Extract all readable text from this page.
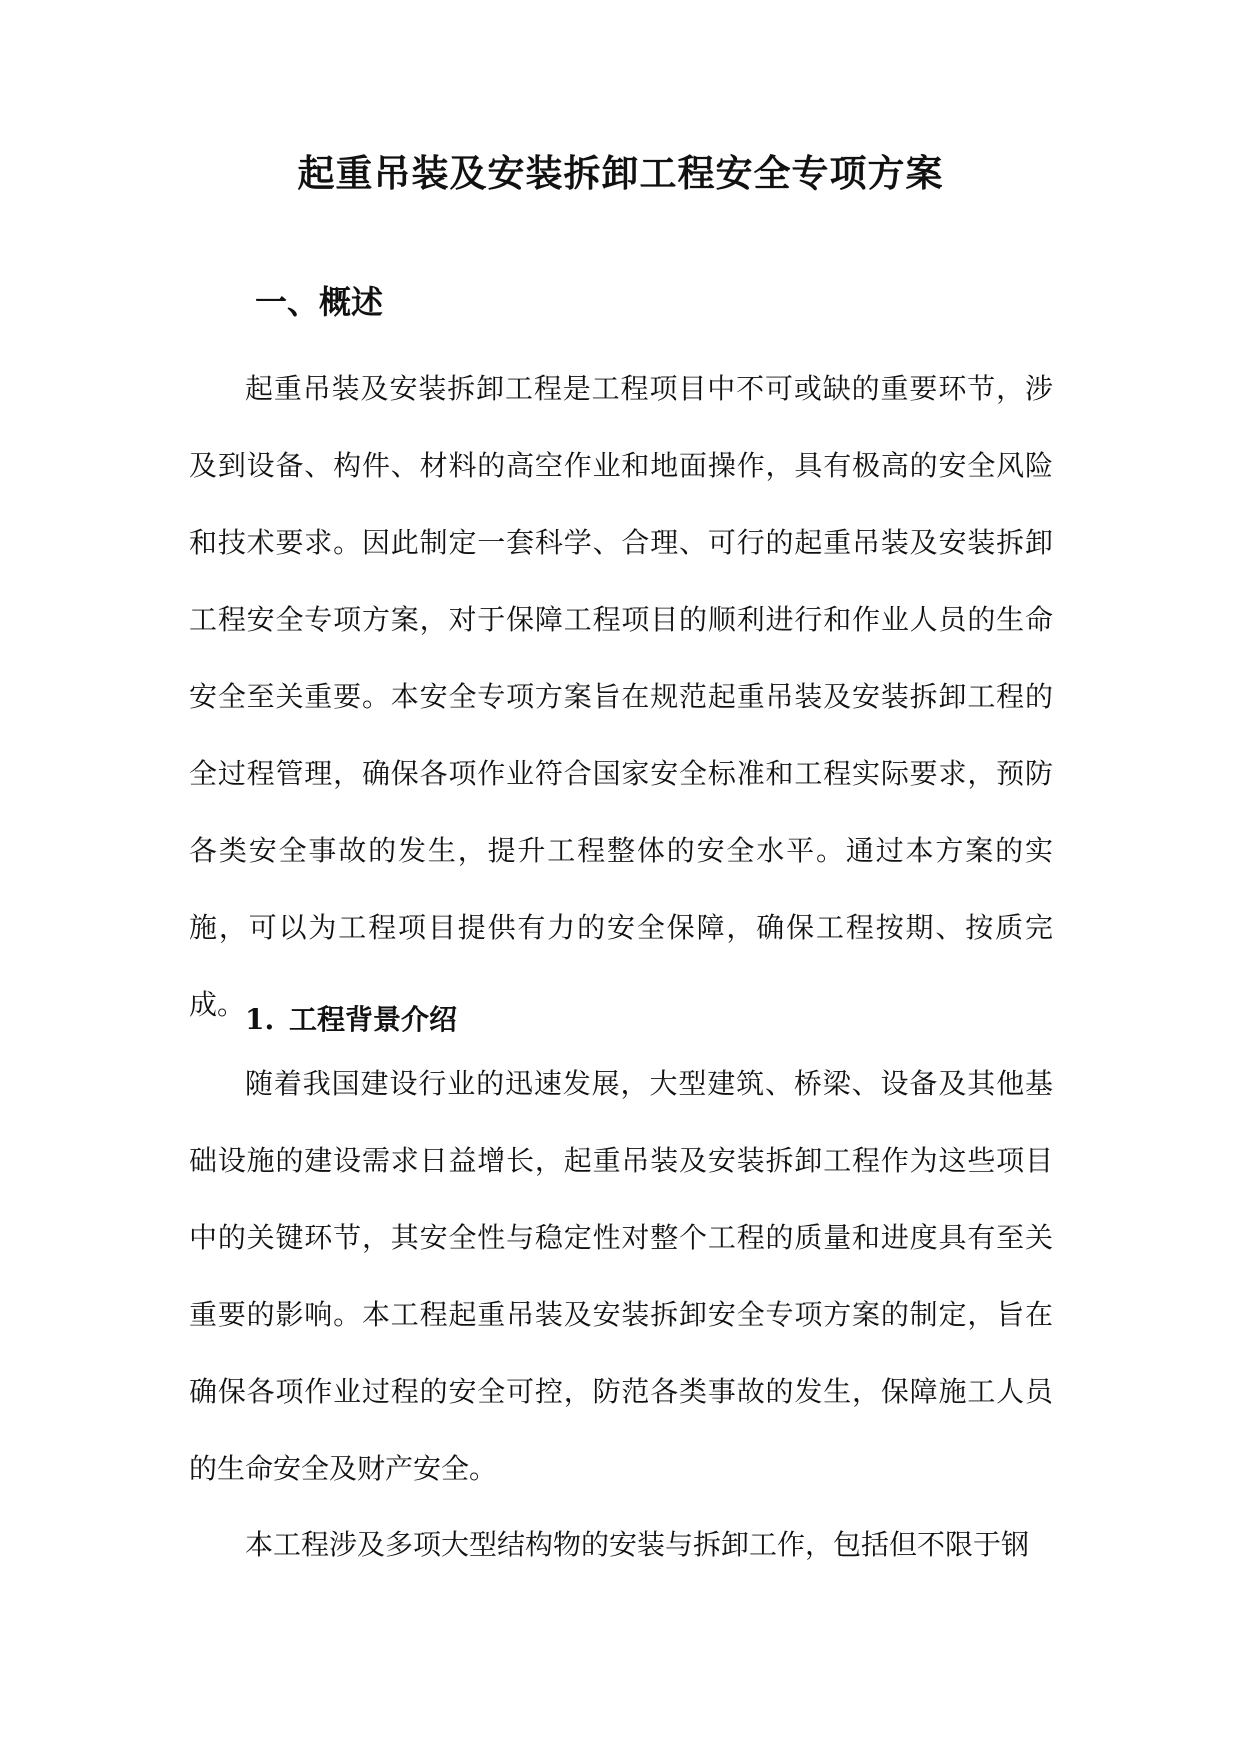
起重吊装及安装拆卸工程安全专项方案
一、概述

起重吊装及安装拆卸工程是工程项目中不可或缺的重要环节，涉及到设备、构件、材料的高空作业和地面操作，具有极高的安全风险和技术要求。因此制定一套科学、合理、可行的起重吊装及安装拆卸工程安全专项方案，对于保障工程项目的顺利进行和作业人员的生命安全至关重要。本安全专项方案旨在规范起重吊装及安装拆卸工程的全过程管理，确保各项作业符合国家安全标准和工程实际要求，预防各类安全事故的发生，提升工程整体的安全水平。通过本方案的实施，可以为工程项目提供有力的安全保障，确保工程按期、按质完成。 1. 工程背景介绍

随着我国建设行业的迅速发展，大型建筑、桥梁、设备及其他基础设施的建设需求日益增长，起重吊装及安装拆卸工程作为这些项目中的关键环节，其安全性与稳定性对整个工程的质量和进度具有至关重要的影响。本工程起重吊装及安装拆卸安全专项方案的制定，旨在确保各项作业过程的安全可控，防范各类事故的发生，保障施工人员的生命安全及财产安全。

本工程涉及多项大型结构物的安装与拆卸工作，包括但不限于钢
